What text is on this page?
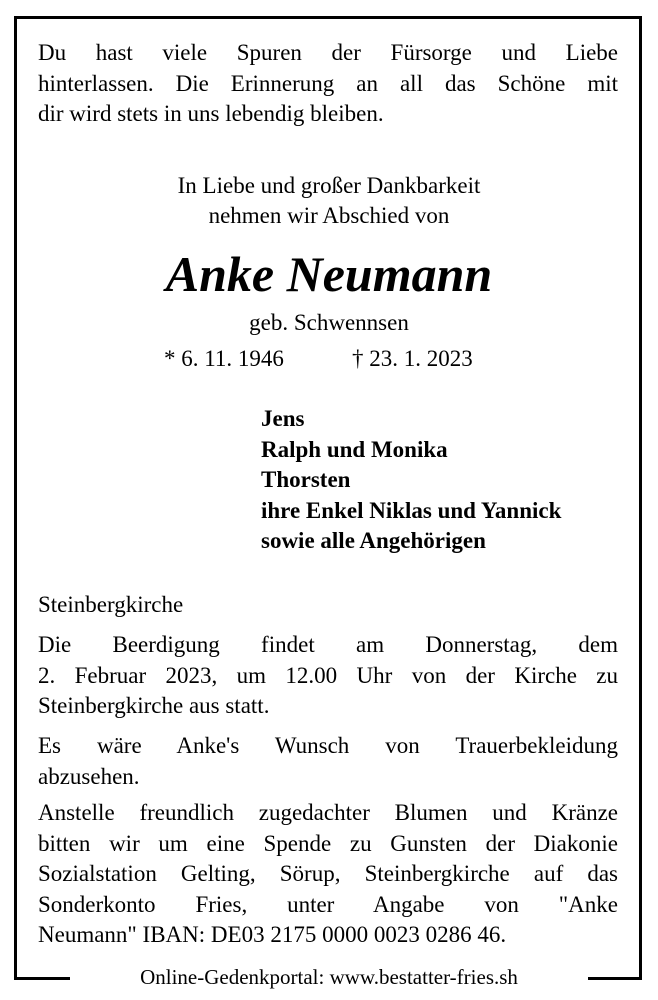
Du hast viele Spuren der Fürsorge und Liebe
hinterlassen. Die Erinnerung an all das Schöne mit
dir wird stets in uns lebendig bleiben.
In Liebe und großer Dankbarkeit
nehmen wir Abschied von
Anke Neumann
geb. Schwennsen
* 6. 11. 1946	† 23. 1. 2023
Jens
Ralph und Monika
Thorsten
ihre Enkel Niklas und Yannick
sowie alle Angehörigen
Steinbergkirche
Die Beerdigung findet am Donnerstag, dem
2. Februar 2023, um 12.00 Uhr von der Kirche zu
Steinbergkirche aus statt.
Es wäre Anke's Wunsch von Trauerbekleidung
abzusehen.
Anstelle freundlich zugedachter Blumen und Kränze
bitten wir um eine Spende zu Gunsten der Diakonie
Sozialstation Gelting, Sörup, Steinbergkirche auf das
Sonderkonto Fries, unter Angabe von "Anke
Neumann" IBAN: DE03 2175 0000 0023 0286 46.
Online-Gedenkportal: www.bestatter-fries.sh
